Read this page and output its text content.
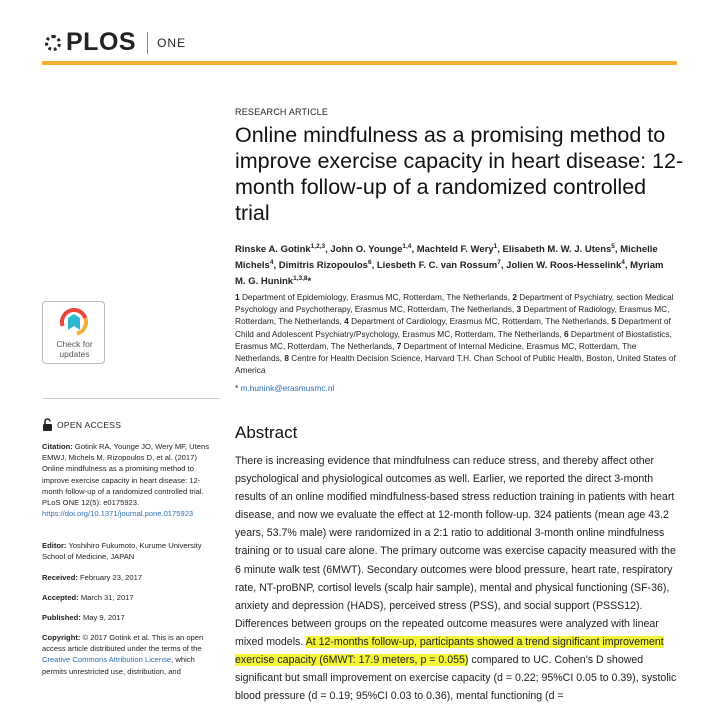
PLOS ONE
RESEARCH ARTICLE
Online mindfulness as a promising method to improve exercise capacity in heart disease: 12-month follow-up of a randomized controlled trial
Rinske A. Gotink$^{1,2,3}$, John O. Younge$^{1,4}$, Machteld F. Wery$^1$, Elisabeth M. W. J. Utens$^5$, Michelle Michels$^4$, Dimitris Rizopoulos$^6$, Liesbeth F. C. van Rossum$^7$, Jolien W. Roos-Hesselink$^4$, Myriam M. G. Hunink$^{1,3,8}$*
1 Department of Epidemiology, Erasmus MC, Rotterdam, The Netherlands, 2 Department of Psychiatry, section Medical Psychology and Psychotherapy, Erasmus MC, Rotterdam, The Netherlands, 3 Department of Radiology, Erasmus MC, Rotterdam, The Netherlands, 4 Department of Cardiology, Erasmus MC, Rotterdam, The Netherlands, 5 Department of Child and Adolescent Psychiatry/Psychology, Erasmus MC, Rotterdam, The Netherlands, 6 Department of Biostatistics, Erasmus MC, Rotterdam, The Netherlands, 7 Department of Internal Medicine, Erasmus MC, Rotterdam, The Netherlands, 8 Centre for Health Decision Science, Harvard T.H. Chan School of Public Health, Boston, United States of America
* m.hunink@erasmusmc.nl
Abstract
There is increasing evidence that mindfulness can reduce stress, and thereby affect other psychological and physiological outcomes as well. Earlier, we reported the direct 3-month results of an online modified mindfulness-based stress reduction training in patients with heart disease, and now we evaluate the effect at 12-month follow-up. 324 patients (mean age 43.2 years, 53.7% male) were randomized in a 2:1 ratio to additional 3-month online mindfulness training or to usual care alone. The primary outcome was exercise capacity measured with the 6 minute walk test (6MWT). Secondary outcomes were blood pressure, heart rate, respiratory rate, NT-proBNP, cortisol levels (scalp hair sample), mental and physical functioning (SF-36), anxiety and depression (HADS), perceived stress (PSS), and social support (PSSS12). Differences between groups on the repeated outcome measures were analyzed with linear mixed models. At 12-months follow-up, participants showed a trend significant improvement exercise capacity (6MWT: 17.9 meters, p = 0.055) compared to UC. Cohen’s D showed significant but small improvement on exercise capacity (d = 0.22; 95%CI 0.05 to 0.39), systolic blood pressure (d = 0.19; 95%CI 0.03 to 0.36), mental functioning (d =
Check for
updates
OPEN ACCESS
Citation: Gotink RA, Younge JO, Wery MF, Utens EMWJ, Michels M, Rizopoulos D, et al. (2017) Online mindfulness as a promising method to improve exercise capacity in heart disease: 12-month follow-up of a randomized controlled trial. PLoS ONE 12(5): e0175923. https://doi.org/10.1371/journal.pone.0175923
Editor: Yoshihiro Fukumoto, Kurume University School of Medicine, JAPAN
Received: February 23, 2017
Accepted: March 31, 2017
Published: May 9, 2017
Copyright: © 2017 Gotink et al. This is an open access article distributed under the terms of the Creative Commons Attribution License, which permits unrestricted use, distribution, and
